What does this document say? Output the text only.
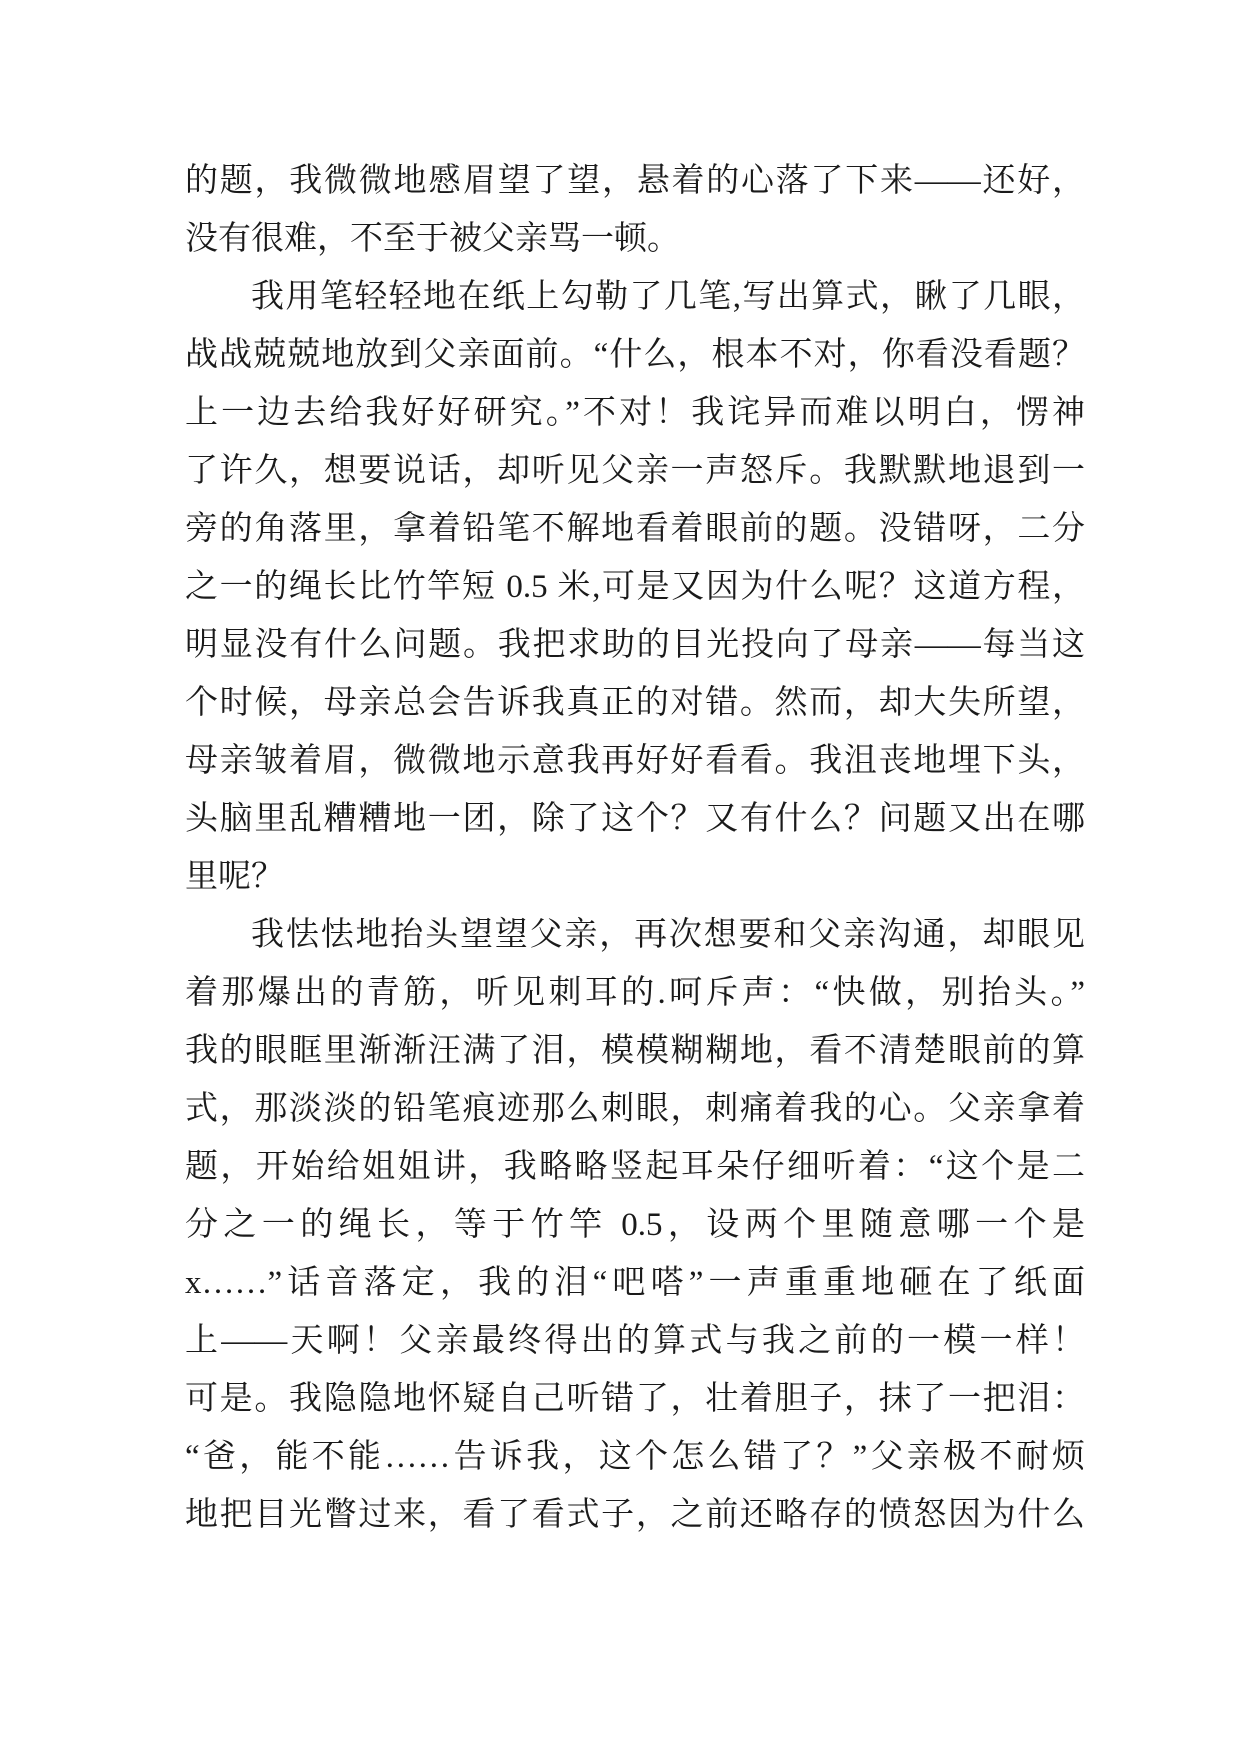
的题，我微微地慼眉望了望，悬着的心落了下来——还好，
没有很难，不至于被父亲骂一顿。
我用笔轻轻地在纸上勾勒了几笔,写出算式，瞅了几眼，
战战兢兢地放到父亲面前。“什么，根本不对，你看没看题？
上一边去给我好好研究。”不对！我诧异而难以明白，愣神
了许久，想要说话，却听见父亲一声怒斥。我默默地退到一
旁的角落里，拿着铅笔不解地看着眼前的题。没错呀，二分
之一的绳长比竹竿短 0.5 米,可是又因为什么呢？这道方程，
明显没有什么问题。我把求助的目光投向了母亲——每当这
个时候，母亲总会告诉我真正的对错。然而，却大失所望，
母亲皱着眉，微微地示意我再好好看看。我沮丧地埋下头，
头脑里乱糟糟地一团，除了这个？又有什么？问题又出在哪
里呢？
我怯怯地抬头望望父亲，再次想要和父亲沟通，却眼见
着那爆出的青筋，听见刺耳的.呵斥声：“快做，别抬头。”
我的眼眶里渐渐汪满了泪，模模糊糊地，看不清楚眼前的算
式，那淡淡的铅笔痕迹那么刺眼，刺痛着我的心。父亲拿着
题，开始给姐姐讲，我略略竖起耳朵仔细听着：“这个是二
分之一的绳长，等于竹竿 0.5，设两个里随意哪一个是
x……”话音落定，我的泪“吧嗒”一声重重地砸在了纸面
上——天啊！父亲最终得出的算式与我之前的一模一样！
可是。我隐隐地怀疑自己听错了，壮着胆子，抹了一把泪：
“爸，能不能……告诉我，这个怎么错了？”父亲极不耐烦
地把目光瞥过来，看了看式子，之前还略存的愤怒因为什么
